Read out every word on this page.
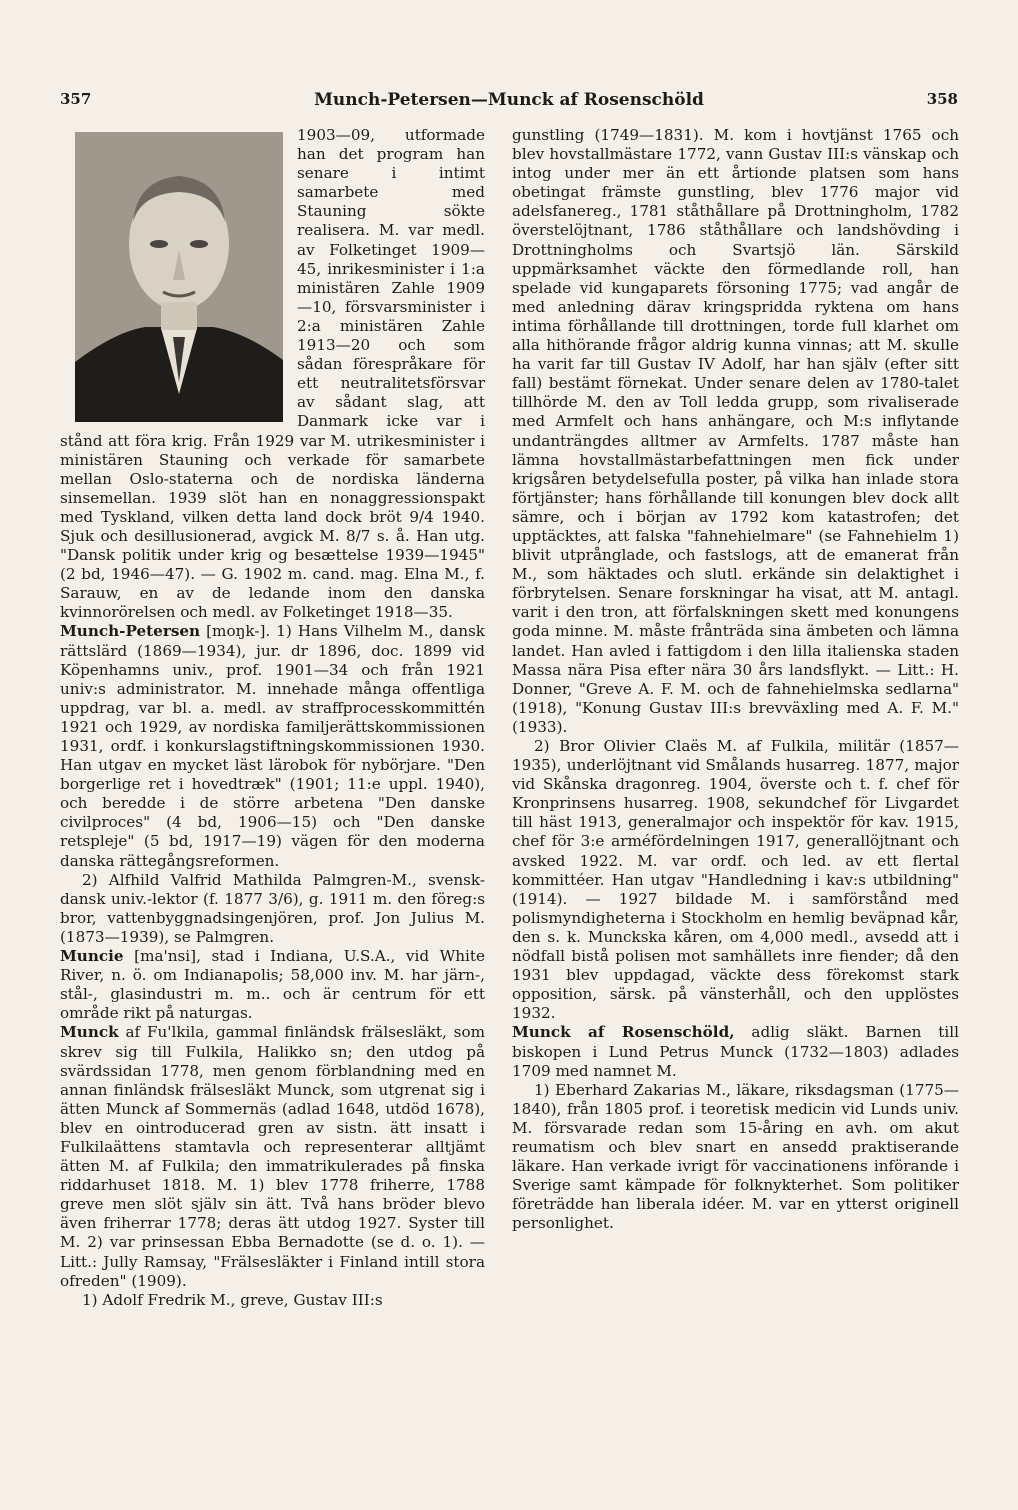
357	Munch-Petersen—Munck af Rosenschöld	358

1903—09, utformade han det program han senare i intimt samarbete med Stauning sökte realisera. M. var medl. av Folketinget 1909—45, inrikesminister i 1:a ministären Zahle 1909—10, försvarsminister i 2:a ministären Zahle 1913—20 och som sådan förespråkare för ett neutralitetsförsvar av sådant slag, att Danmark icke var i stånd att föra krig. Från 1929 var M. utrikesminister i ministären Stauning och verkade för samarbete mellan Oslo-staterna och de nordiska länderna sinsemellan. 1939 slöt han en nonaggressionspakt med Tyskland, vilken detta land dock bröt 9/4 1940. Sjuk och desillusionerad, avgick M. 8/7 s. å. Han utg. "Dansk politik under krig og besættelse 1939—1945" (2 bd, 1946—47). — G. 1902 m. cand. mag. Elna M., f. Sarauw, en av de ledande inom den danska kvinnorörelsen och medl. av Folketinget 1918—35.

Munch-Petersen [moŋk-]. 1) Hans Vilhelm M., dansk rättslärd (1869—1934), jur. dr 1896, doc. 1899 vid Köpenhamns univ., prof. 1901—34 och från 1921 univ:s administrator. M. innehade många offentliga uppdrag, var bl. a. medl. av straffprocesskommittén 1921 och 1929, av nordiska familjerättskommissionen 1931, ordf. i konkurslagstiftningskommissionen 1930. Han utgav en mycket läst lärobok för nybörjare. "Den borgerlige ret i hovedtræk" (1901; 11:e uppl. 1940), och beredde i de större arbetena "Den danske civilproces" (4 bd, 1906—15) och "Den danske retspleje" (5 bd, 1917—19) vägen för den moderna danska rättegångsreformen.

2) Alfhild Valfrid Mathilda Palmgren-M., svensk-dansk univ.-lektor (f. 1877 3/6), g. 1911 m. den föreg:s bror, vattenbyggnadsingenjören, prof. Jon Julius M. (1873—1939), se Palmgren.

Muncie [ma'nsi], stad i Indiana, U.S.A., vid White River, n. ö. om Indianapolis; 58,000 inv. M. har järn-, stål-, glasindustri m. m.. och är centrum för ett område rikt på naturgas.

Munck af Fu'lkila, gammal finländsk frälsesläkt, som skrev sig till Fulkila, Halikko sn; den utdog på svärdssidan 1778, men genom förblandning med en annan finländsk frälsesläkt Munck, som utgrenat sig i ätten Munck af Sommernäs (adlad 1648, utdöd 1678), blev en ointroducerad gren av sistn. ätt insatt i Fulkilaättens stamtavla och representerar alltjämt ätten M. af Fulkila; den immatrikulerades på finska riddarhuset 1818. M. 1) blev 1778 friherre, 1788 greve men slöt själv sin ätt. Två hans bröder blevo även friherrar 1778; deras ätt utdog 1927. Syster till M. 2) var prinsessan Ebba Bernadotte (se d. o. 1). — Litt.: Jully Ramsay, "Frälsesläkter i Finland intill stora ofreden" (1909).

1) Adolf Fredrik M., greve, Gustav III:s

gunstling (1749—1831). M. kom i hovtjänst 1765 och blev hovstallmästare 1772, vann Gustav III:s vänskap och intog under mer än ett årtionde platsen som hans obetingat främste gunstling, blev 1776 major vid adelsfanereg., 1781 ståthållare på Drottningholm, 1782 överstelöjtnant, 1786 ståthållare och landshövding i Drottningholms och Svartsjö län. Särskild uppmärksamhet väckte den förmedlande roll, han spelade vid kungaparets försoning 1775; vad angår de med anledning därav kringspridda ryktena om hans intima förhållande till drottningen, torde full klarhet om alla hithörande frågor aldrig kunna vinnas; att M. skulle ha varit far till Gustav IV Adolf, har han själv (efter sitt fall) bestämt förnekat. Under senare delen av 1780-talet tillhörde M. den av Toll ledda grupp, som rivaliserade med Armfelt och hans anhängare, och M:s inflytande undanträngdes alltmer av Armfelts. 1787 måste han lämna hovstallmästarbefattningen men fick under krigsåren betydelsefulla poster, på vilka han inlade stora förtjänster; hans förhållande till konungen blev dock allt sämre, och i början av 1792 kom katastrofen; det upptäcktes, att falska "fahnehielmare" (se Fahnehielm 1) blivit utprånglade, och fastslogs, att de emanerat från M., som häktades och slutl. erkände sin delaktighet i förbrytelsen. Senare forskningar ha visat, att M. antagl. varit i den tron, att förfalskningen skett med konungens goda minne. M. måste frånträda sina ämbeten och lämna landet. Han avled i fattigdom i den lilla italienska staden Massa nära Pisa efter nära 30 års landsflykt. — Litt.: H. Donner, "Greve A. F. M. och de fahnehielmska sedlarna" (1918), "Konung Gustav III:s brevväxling med A. F. M." (1933).

2) Bror Olivier Claës M. af Fulkila, militär (1857—1935), underlöjtnant vid Smålands husarreg. 1877, major vid Skånska dragonreg. 1904, överste och t. f. chef för Kronprinsens husarreg. 1908, sekundchef för Livgardet till häst 1913, generalmajor och inspektör för kav. 1915, chef för 3:e arméfördelningen 1917, generallöjtnant och avsked 1922. M. var ordf. och led. av ett flertal kommittéer. Han utgav "Handledning i kav:s utbildning" (1914). — 1927 bildade M. i samförstånd med polismyndigheterna i Stockholm en hemlig beväpnad kår, den s. k. Munckska kåren, om 4,000 medl., avsedd att i nödfall bistå polisen mot samhällets inre fiender; då den 1931 blev uppdagad, väckte dess förekomst stark opposition, särsk. på vänsterhåll, och den upplöstes 1932.

Munck af Rosenschöld, adlig släkt. Barnen till biskopen i Lund Petrus Munck (1732—1803) adlades 1709 med namnet M.

1) Eberhard Zakarias M., läkare, riksdagsman (1775—1840), från 1805 prof. i teoretisk medicin vid Lunds univ. M. försvarade redan som 15-åring en avh. om akut reumatism och blev snart en ansedd praktiserande läkare. Han verkade ivrigt för vaccinationens införande i Sverige samt kämpade för folknykterhet. Som politiker företrädde han liberala idéer. M. var en ytterst originell personlighet.
